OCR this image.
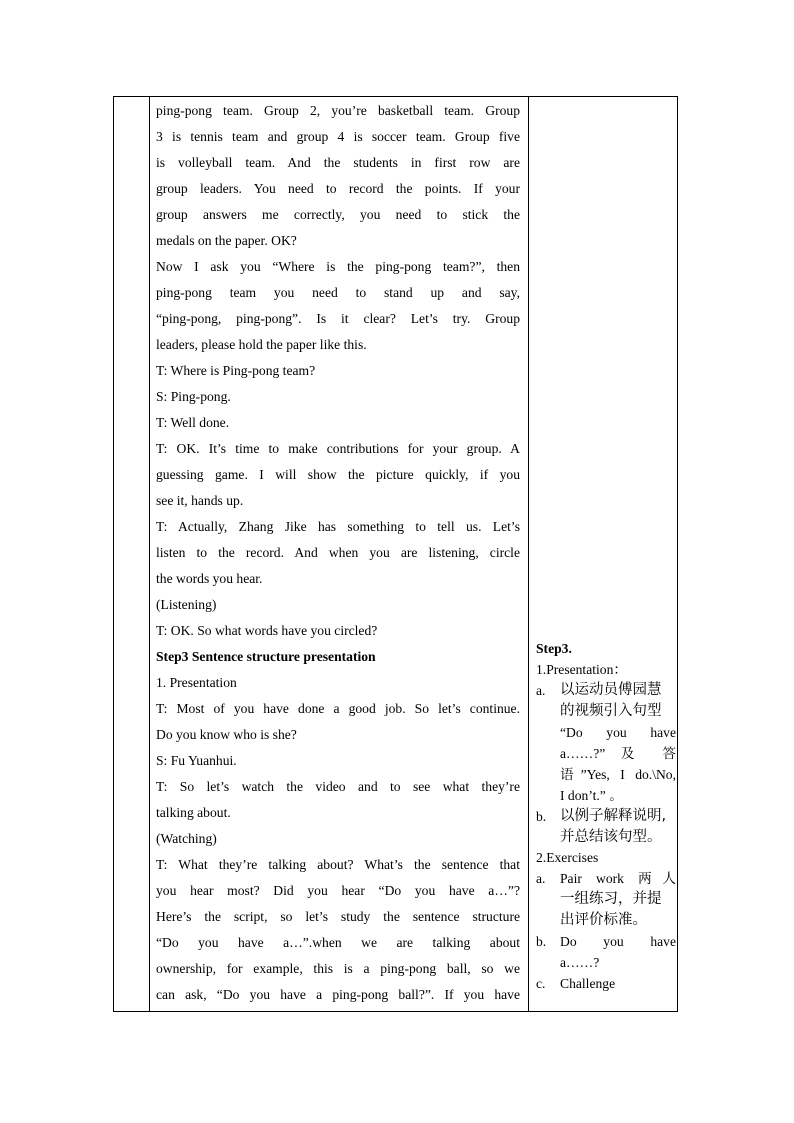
ping-pong team. Group 2, you’re basketball team. Group
3 is tennis team and group 4 is soccer team. Group five
is volleyball team. And the students in first row are
group leaders. You need to record the points. If your
group answers me correctly, you need to stick the
medals on the paper. OK?
Now I ask you “Where is the ping-pong team?”, then
ping-pong team you need to stand up and say,
“ping-pong, ping-pong”. Is it clear? Let’s try. Group
leaders, please hold the paper like this.
T: Where is Ping-pong team?
S: Ping-pong.
T: Well done.
T: OK. It’s time to make contributions for your group. A
guessing game. I will show the picture quickly, if you
see it, hands up.
T: Actually, Zhang Jike has something to tell us. Let’s
listen to the record. And when you are listening, circle
the words you hear.
(Listening)
T: OK. So what words have you circled?
Step3 Sentence structure presentation
1. Presentation
T: Most of you have done a good job. So let’s continue.
Do you know who is she?
S: Fu Yuanhui.
T: So let’s watch the video and to see what they’re
talking about.
(Watching)
T: What they’re talking about? What’s the sentence that
you hear most? Did you hear “Do you have a…”?
Here’s the script, so let’s study the sentence structure
“Do you have a…”.when we are talking about
ownership, for example, this is a ping-pong ball, so we
can ask, “Do you have a ping-pong ball?”. If you have
Step3.
1.Presentation：
a. 以运动员傅园慧
的视频引入句型
“Do you have
a……?” 及 答
语”Yes, I do.\No,
I don’t.” 。
b. 以例子解释说明,
并总结该句型。
2.Exercises
a. Pair work 两人
一组练习，并提
出评价标准。
b. Do you have
a……?
c. Challenge
